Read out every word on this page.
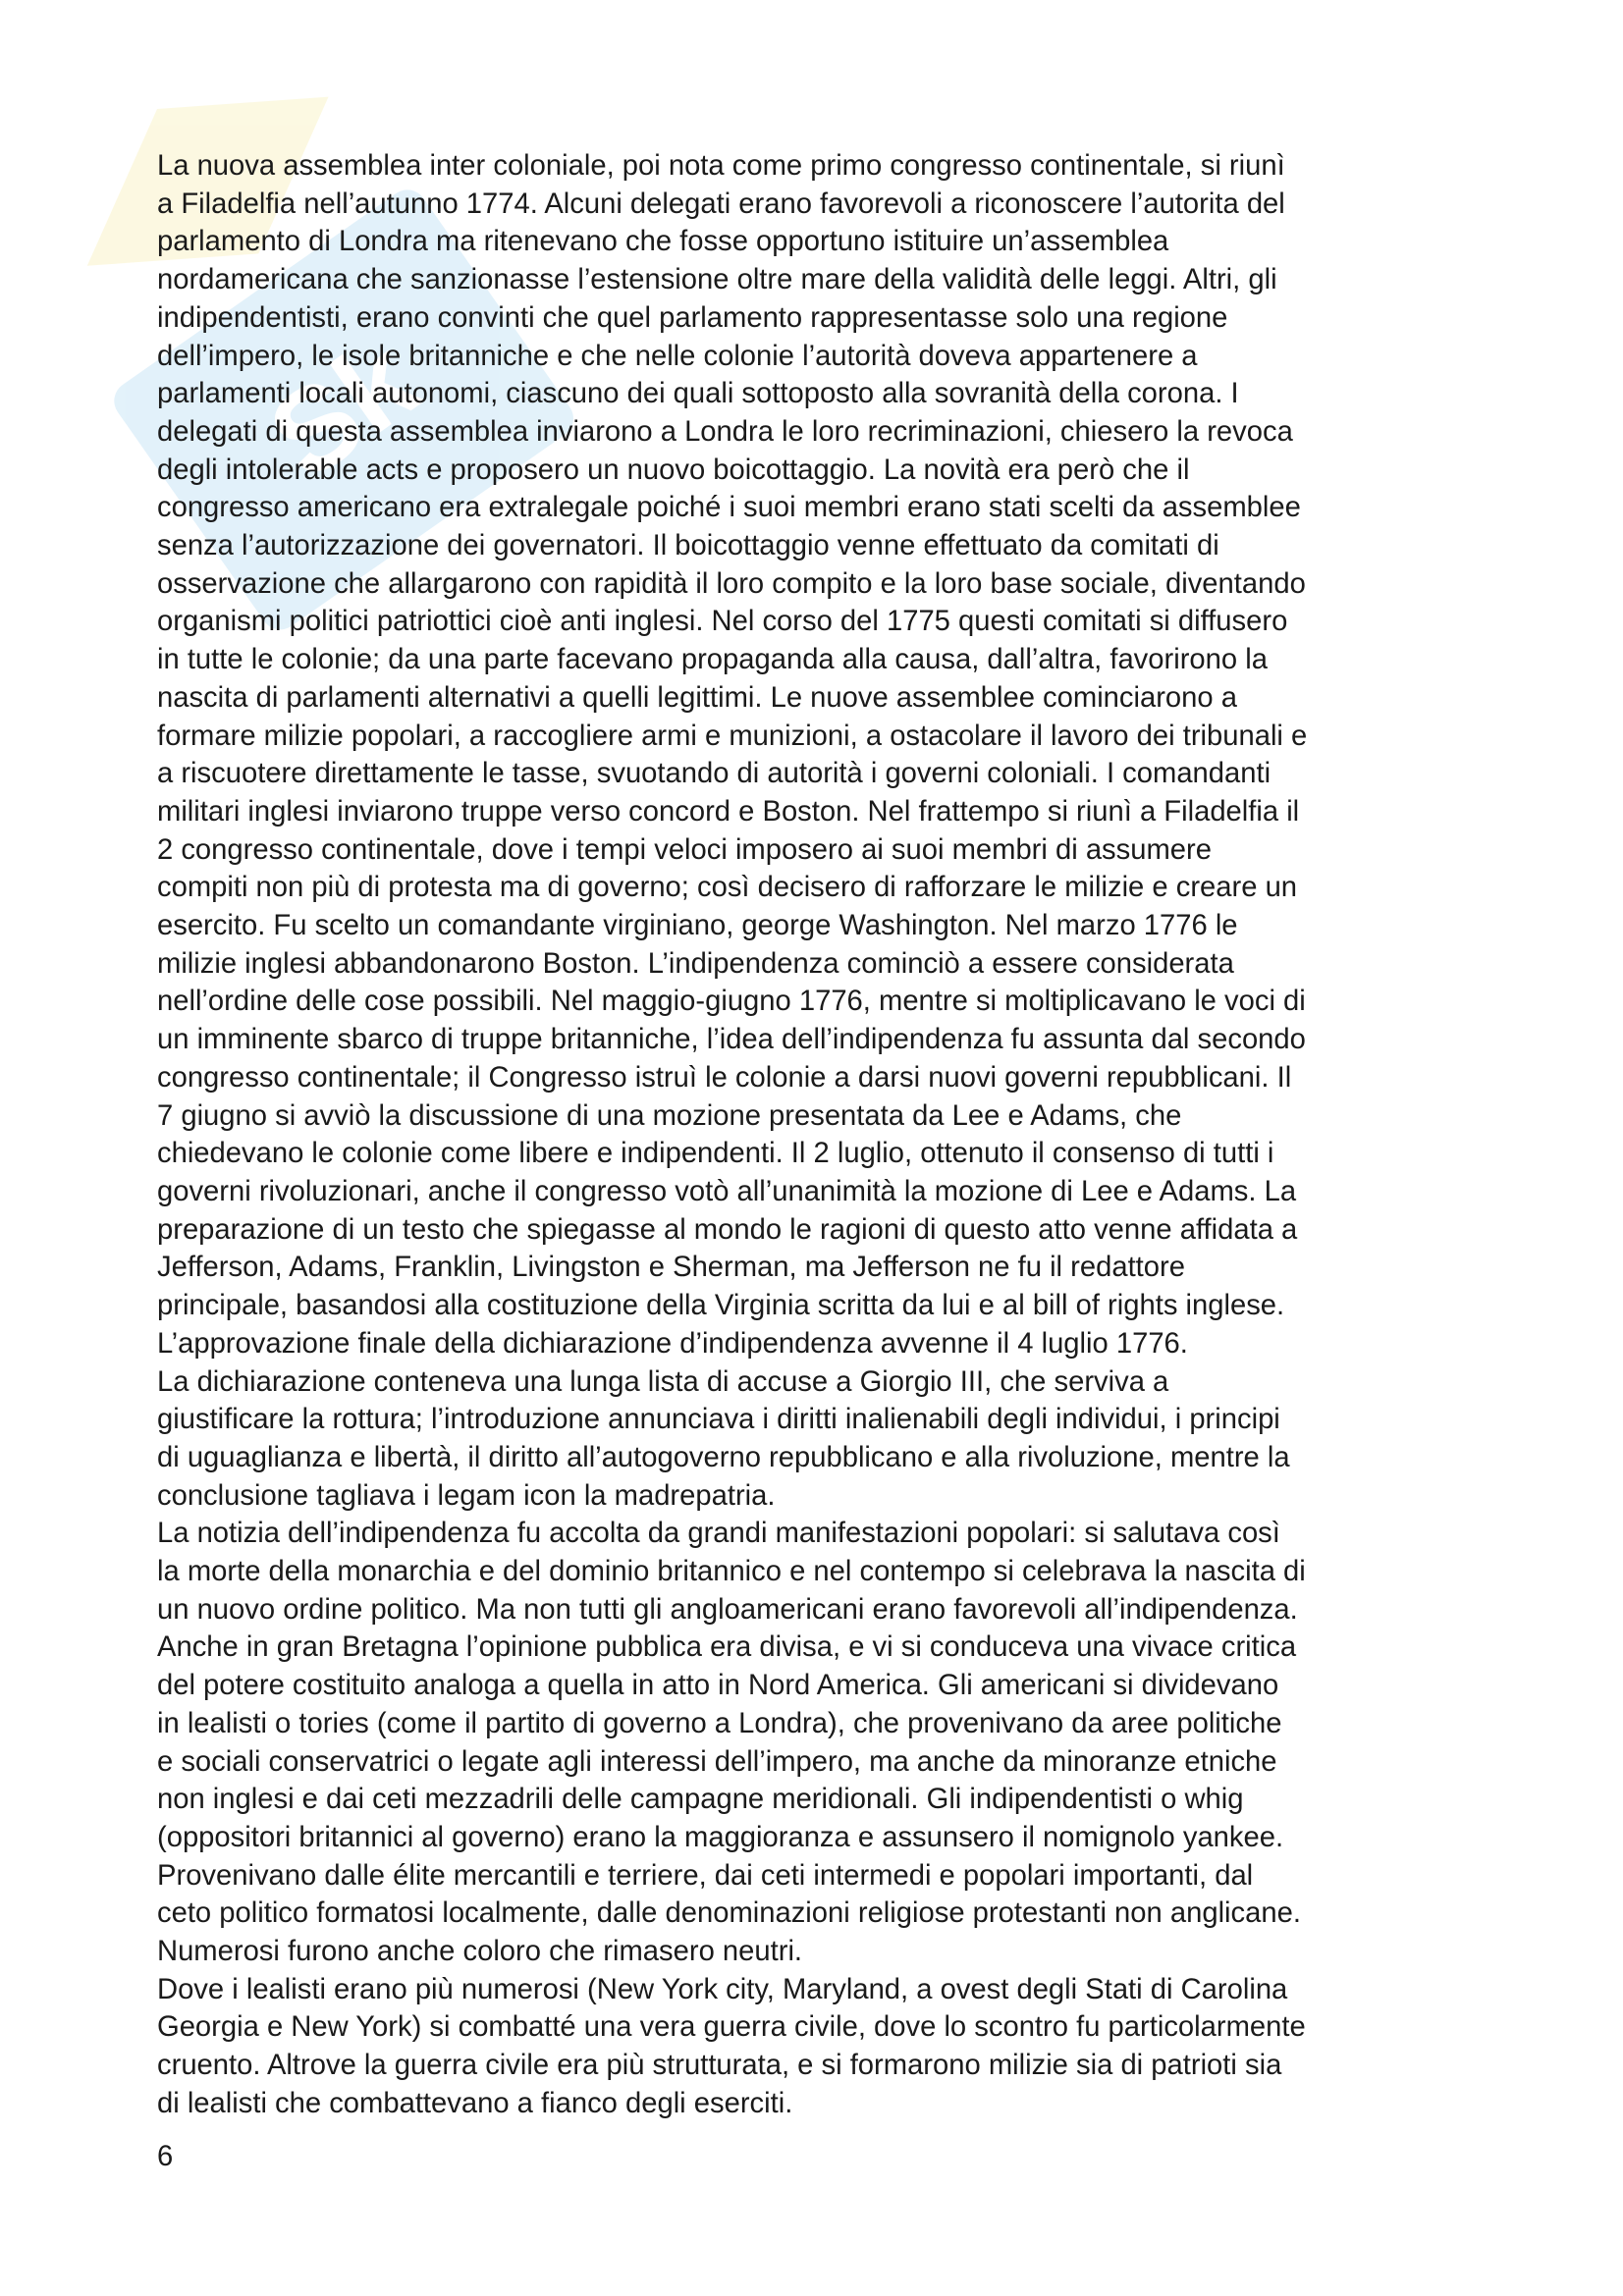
Sk
La nuova assemblea inter coloniale, poi nota come primo congresso continentale, si riunì
a Filadelfia nell’autunno 1774. Alcuni delegati erano favorevoli a riconoscere l’autorita del
parlamento di Londra ma ritenevano che fosse opportuno istituire un’assemblea
nordamericana che sanzionasse l’estensione oltre mare della validità delle leggi. Altri, gli
indipendentisti, erano convinti che quel parlamento rappresentasse solo una regione
dell’impero, le isole britanniche e che nelle colonie l’autorità doveva appartenere a
parlamenti locali autonomi, ciascuno dei quali sottoposto alla sovranità della corona. I
delegati di questa assemblea inviarono a Londra le loro recriminazioni, chiesero la revoca
degli intolerable acts e proposero un nuovo boicottaggio. La novità era però che il
congresso americano era extralegale poiché i suoi membri erano stati scelti da assemblee
senza l’autorizzazione dei governatori. Il boicottaggio venne effettuato da comitati di
osservazione che allargarono con rapidità il loro compito e la loro base sociale, diventando
organismi politici patriottici cioè anti inglesi. Nel corso del 1775 questi comitati si diffusero
in tutte le colonie; da una parte facevano propaganda alla causa, dall’altra, favorirono la
nascita di parlamenti alternativi a quelli legittimi. Le nuove assemblee cominciarono a
formare milizie popolari, a raccogliere armi e munizioni, a ostacolare il lavoro dei tribunali e
a riscuotere direttamente le tasse, svuotando di autorità i governi coloniali. I comandanti
militari inglesi inviarono truppe verso concord e Boston. Nel frattempo si riunì a Filadelfia il
2 congresso continentale, dove i tempi veloci imposero ai suoi membri di assumere
compiti non più di protesta ma di governo; così decisero di rafforzare le milizie e creare un
esercito. Fu scelto un comandante virginiano, george Washington. Nel marzo 1776 le
milizie inglesi abbandonarono Boston. L’indipendenza cominciò a essere considerata
nell’ordine delle cose possibili. Nel maggio-giugno 1776, mentre si moltiplicavano le voci di
un imminente sbarco di truppe britanniche, l’idea dell’indipendenza fu assunta dal secondo
congresso continentale; il Congresso istruì le colonie a darsi nuovi governi repubblicani. Il
7 giugno si avviò la discussione di una mozione presentata da Lee e Adams, che
chiedevano le colonie come libere e indipendenti. Il 2 luglio, ottenuto il consenso di tutti i
governi rivoluzionari, anche il congresso votò all’unanimità la mozione di Lee e Adams. La
preparazione di un testo che spiegasse al mondo le ragioni di questo atto venne affidata a
Jefferson, Adams, Franklin, Livingston e Sherman, ma Jefferson ne fu il redattore
principale, basandosi alla costituzione della Virginia scritta da lui e al bill of rights inglese.
L’approvazione finale della dichiarazione d’indipendenza avvenne il 4 luglio 1776.
La dichiarazione conteneva una lunga lista di accuse a Giorgio III, che serviva a
giustificare la rottura; l’introduzione annunciava i diritti inalienabili degli individui, i principi
di uguaglianza e libertà, il diritto all’autogoverno repubblicano e alla rivoluzione, mentre la
conclusione tagliava i legam icon la madrepatria.
La notizia dell’indipendenza fu accolta da grandi manifestazioni popolari: si salutava così
la morte della monarchia e del dominio britannico e nel contempo si celebrava la nascita di
un nuovo ordine politico. Ma non tutti gli angloamericani erano favorevoli all’indipendenza.
Anche in gran Bretagna l’opinione pubblica era divisa, e vi si conduceva una vivace critica
del potere costituito analoga a quella in atto in Nord America. Gli americani si dividevano
in lealisti o tories (come il partito di governo a Londra), che provenivano da aree politiche
e sociali conservatrici o legate agli interessi dell’impero, ma anche da minoranze etniche
non inglesi e dai ceti mezzadrili delle campagne meridionali. Gli indipendentisti o whig
(oppositori britannici al governo) erano la maggioranza e assunsero il nomignolo yankee.
Provenivano dalle élite mercantili e terriere, dai ceti intermedi e popolari importanti, dal
ceto politico formatosi localmente, dalle denominazioni religiose protestanti non anglicane.
Numerosi furono anche coloro che rimasero neutri.
Dove i lealisti erano più numerosi (New York city, Maryland, a ovest degli Stati di Carolina
Georgia e New York) si combatté una vera guerra civile, dove lo scontro fu particolarmente
cruento. Altrove la guerra civile era più strutturata, e si formarono milizie sia di patrioti sia
di lealisti che combattevano a fianco degli eserciti.
6
